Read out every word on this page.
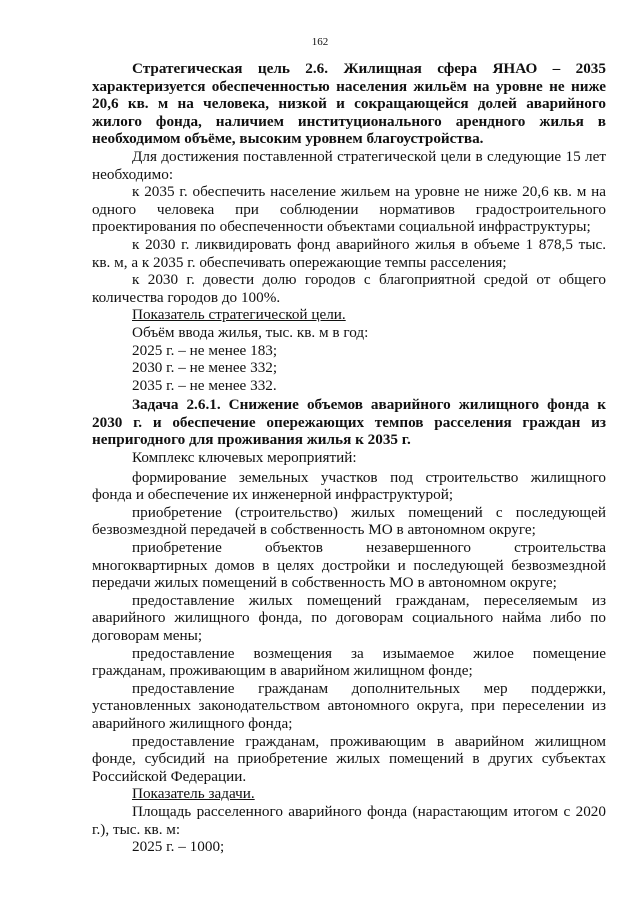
162

Стратегическая цель 2.6. Жилищная сфера ЯНАО – 2035 характеризуется обеспеченностью населения жильём на уровне не ниже 20,6 кв. м на человека, низкой и сокращающейся долей аварийного жилого фонда, наличием институционального арендного жилья в необходимом объёме, высоким уровнем благоустройства.

Для достижения поставленной стратегической цели в следующие 15 лет необходимо:

к 2035 г. обеспечить население жильем на уровне не ниже 20,6 кв. м на одного человека при соблюдении нормативов градостроительного проектирования по обеспеченности объектами социальной инфраструктуры;

к 2030 г. ликвидировать фонд аварийного жилья в объеме 1 878,5 тыс. кв. м, а к 2035 г. обеспечивать опережающие темпы расселения;

к 2030 г. довести долю городов с благоприятной средой от общего количества городов до 100%.

Показатель стратегической цели.

Объём ввода жилья, тыс. кв. м в год:

2025 г. – не менее 183;

2030 г. – не менее 332;

2035 г. – не менее 332.

Задача 2.6.1. Снижение объемов аварийного жилищного фонда к 2030 г. и обеспечение опережающих темпов расселения граждан из непригодного для проживания жилья к 2035 г.

Комплекс ключевых мероприятий:

формирование земельных участков под строительство жилищного фонда и обеспечение их инженерной инфраструктурой;

приобретение (строительство) жилых помещений с последующей безвозмездной передачей в собственность МО в автономном округе;

приобретение объектов незавершенного строительства многоквартирных домов в целях достройки и последующей безвозмездной передачи жилых помещений в собственность МО в автономном округе;

предоставление жилых помещений гражданам, переселяемым из аварийного жилищного фонда, по договорам социального найма либо по договорам мены;

предоставление возмещения за изымаемое жилое помещение гражданам, проживающим в аварийном жилищном фонде;

предоставление гражданам дополнительных мер поддержки, установленных законодательством автономного округа, при переселении из аварийного жилищного фонда;

предоставление гражданам, проживающим в аварийном жилищном фонде, субсидий на приобретение жилых помещений в других субъектах Российской Федерации.

Показатель задачи.

Площадь расселенного аварийного фонда (нарастающим итогом с 2020 г.), тыс. кв. м:

2025 г. – 1000;
